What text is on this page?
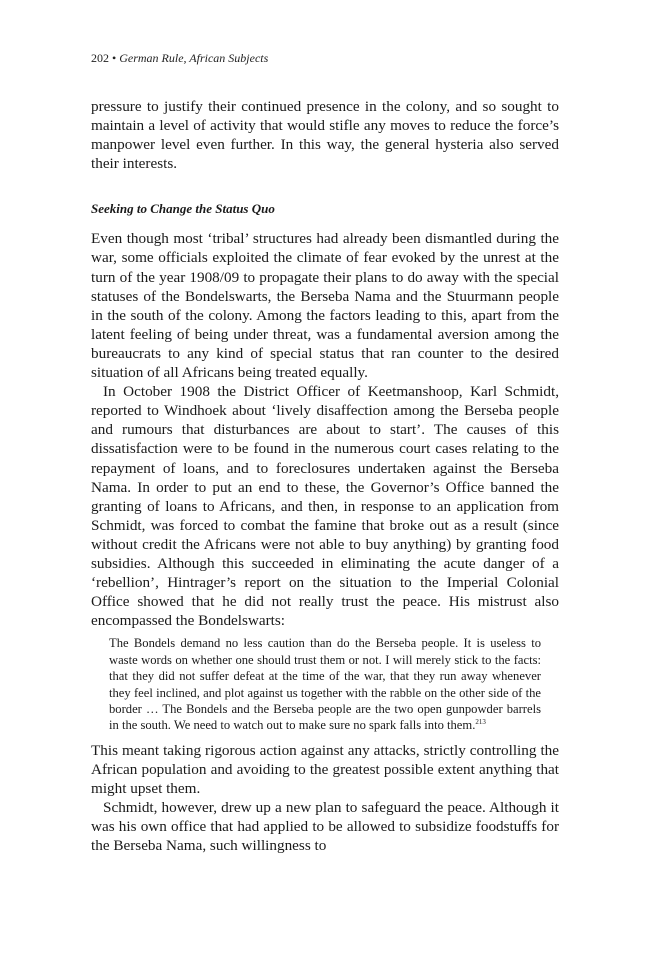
202 • German Rule, African Subjects

pressure to justify their continued presence in the colony, and so sought to maintain a level of activity that would stifle any moves to reduce the force’s manpower level even further. In this way, the general hysteria also served their interests.

Seeking to Change the Status Quo

Even though most ‘tribal’ structures had already been dismantled during the war, some officials exploited the climate of fear evoked by the unrest at the turn of the year 1908/09 to propagate their plans to do away with the special statuses of the Bondelswarts, the Berseba Nama and the Stuurmann people in the south of the colony. Among the factors leading to this, apart from the latent feeling of being under threat, was a fundamental aversion among the bureaucrats to any kind of special status that ran counter to the desired situation of all Africans being treated equally.

In October 1908 the District Officer of Keetmanshoop, Karl Schmidt, reported to Windhoek about ‘lively disaffection among the Berseba people and rumours that disturbances are about to start’. The causes of this dissatisfaction were to be found in the numerous court cases relating to the repayment of loans, and to foreclosures undertaken against the Berseba Nama. In order to put an end to these, the Governor’s Office banned the granting of loans to Africans, and then, in response to an application from Schmidt, was forced to combat the famine that broke out as a result (since without credit the Africans were not able to buy anything) by granting food subsidies. Although this succeeded in eliminating the acute danger of a ‘rebellion’, Hintrager’s report on the situation to the Imperial Colonial Office showed that he did not really trust the peace. His mistrust also encompassed the Bondelswarts:

The Bondels demand no less caution than do the Berseba people. It is useless to waste words on whether one should trust them or not. I will merely stick to the facts: that they did not suffer defeat at the time of the war, that they run away whenever they feel inclined, and plot against us together with the rabble on the other side of the border … The Bondels and the Berseba people are the two open gunpowder barrels in the south. We need to watch out to make sure no spark falls into them.$^{213}$

This meant taking rigorous action against any attacks, strictly controlling the African population and avoiding to the greatest possible extent anything that might upset them.

Schmidt, however, drew up a new plan to safeguard the peace. Although it was his own office that had applied to be allowed to subsidize foodstuffs for the Berseba Nama, such willingness to
